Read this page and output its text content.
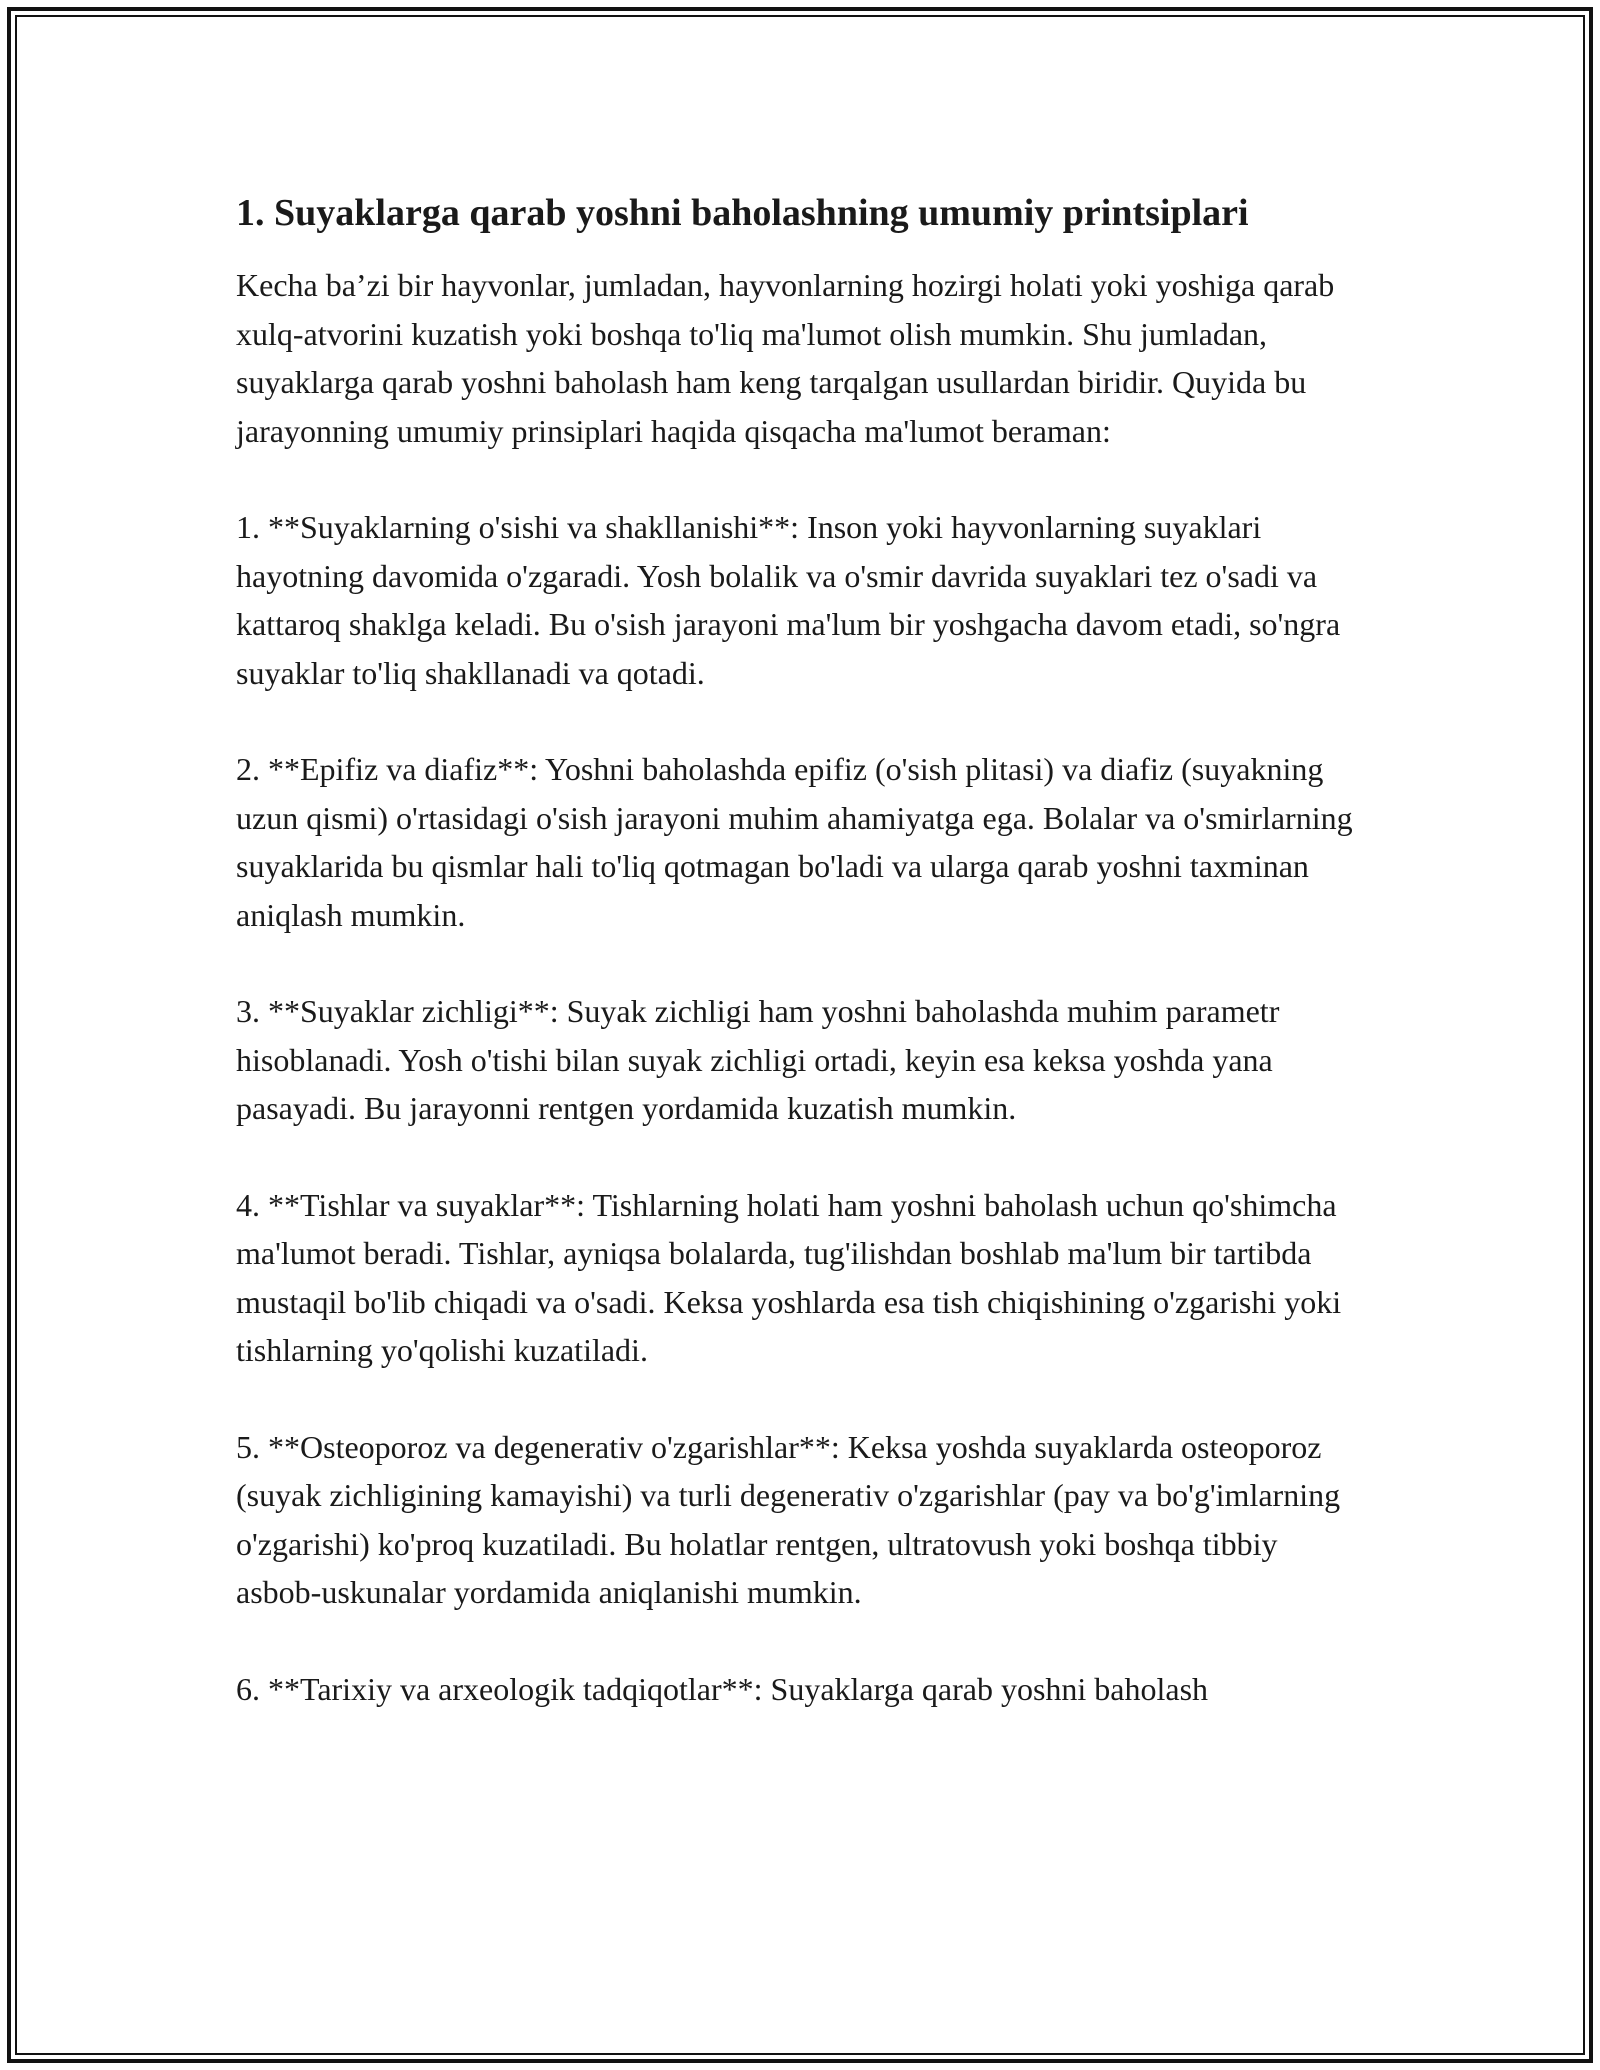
1. Suyaklarga qarab yoshni baholashning umumiy printsiplari

Kecha ba’zi bir hayvonlar, jumladan, hayvonlarning hozirgi holati yoki yoshiga qarab xulq-atvorini kuzatish yoki boshqa to'liq ma'lumot olish mumkin. Shu jumladan, suyaklarga qarab yoshni baholash ham keng tarqalgan usullardan biridir. Quyida bu jarayonning umumiy prinsiplari haqida qisqacha ma'lumot beraman:

1. **Suyaklarning o'sishi va shakllanishi**: Inson yoki hayvonlarning suyaklari hayotning davomida o'zgaradi. Yosh bolalik va o'smir davrida suyaklari tez o'sadi va kattaroq shaklga keladi. Bu o'sish jarayoni ma'lum bir yoshgacha davom etadi, so'ngra suyaklar to'liq shakllanadi va qotadi.

2. **Epifiz va diafiz**: Yoshni baholashda epifiz (o'sish plitasi) va diafiz (suyakning uzun qismi) o'rtasidagi o'sish jarayoni muhim ahamiyatga ega. Bolalar va o'smirlarning suyaklarida bu qismlar hali to'liq qotmagan bo'ladi va ularga qarab yoshni taxminan aniqlash mumkin.

3. **Suyaklar zichligi**: Suyak zichligi ham yoshni baholashda muhim parametr hisoblanadi. Yosh o'tishi bilan suyak zichligi ortadi, keyin esa keksa yoshda yana pasayadi. Bu jarayonni rentgen yordamida kuzatish mumkin.

4. **Tishlar va suyaklar**: Tishlarning holati ham yoshni baholash uchun qo'shimcha ma'lumot beradi. Tishlar, ayniqsa bolalarda, tug'ilishdan boshlab ma'lum bir tartibda mustaqil bo'lib chiqadi va o'sadi. Keksa yoshlarda esa tish chiqishining o'zgarishi yoki tishlarning yo'qolishi kuzatiladi.

5. **Osteoporoz va degenerativ o'zgarishlar**: Keksa yoshda suyaklarda osteoporoz (suyak zichligining kamayishi) va turli degenerativ o'zgarishlar (pay va bo'g'imlarning o'zgarishi) ko'proq kuzatiladi. Bu holatlar rentgen, ultratovush yoki boshqa tibbiy asbob-uskunalar yordamida aniqlanishi mumkin.

6. **Tarixiy va arxeologik tadqiqotlar**: Suyaklarga qarab yoshni baholash
